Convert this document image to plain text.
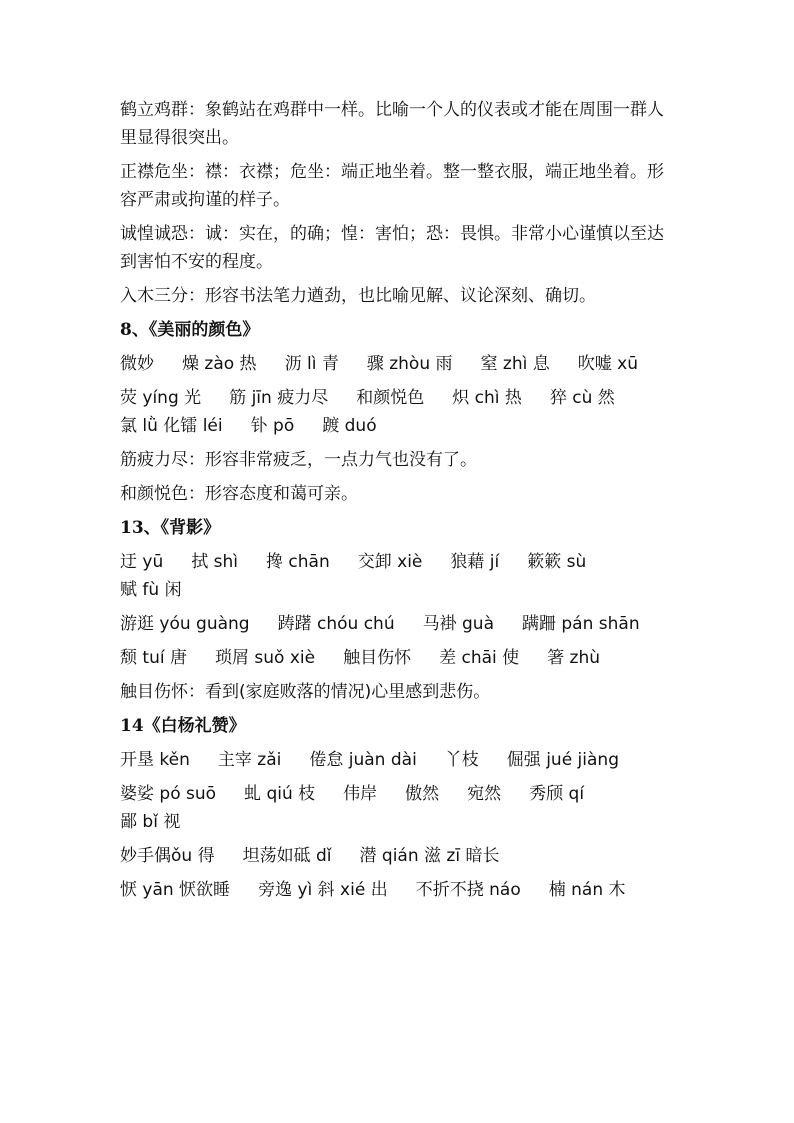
鹤立鸡群：象鹤站在鸡群中一样。比喻一个人的仪表或才能在周围一群人里显得很突出。

正襟危坐：襟：衣襟；危坐：端正地坐着。整一整衣服，端正地坐着。形容严肃或拘谨的样子。

诚惶诚恐：诚：实在，的确；惶：害怕；恐：畏惧。非常小心谨慎以至达到害怕不安的程度。

入木三分：形容书法笔力遒劲，也比喻见解、议论深刻、确切。

8、《美丽的颜色》
微妙 燥 zào 热 沥 lì 青 骤 zhòu 雨 窒 zhì 息 吹嘘 xū
荧 yíng 光 筋 jīn 疲力尽 和颜悦色 炽 chì 热 猝 cù 然
氯 lǜ 化镭 léi 钋 pō 踱 duó

筋疲力尽：形容非常疲乏，一点力气也没有了。

和颜悦色：形容态度和蔼可亲。

13、《背影》
迂 yū 拭 shì 搀 chān 交卸 xiè 狼藉 jí 簌簌 sù
赋 fù 闲
游逛 yóu guàng 踌躇 chóu chú 马褂 guà 蹒跚 pán shān
颓 tuí 唐 琐屑 suǒ xiè 触目伤怀 差 chāi 使 箸 zhù

触目伤怀：看到(家庭败落的情况)心里感到悲伤。

14《白杨礼赞》
开垦 kěn 主宰 zǎi 倦怠 juàn dài 丫枝 倔强 jué jiàng
婆娑 pó suō 虬 qiú 枝 伟岸 傲然 宛然 秀颀 qí
鄙 bǐ 视
妙手偶ǒu 得 坦荡如砥 dǐ 潜 qián 滋 zī 暗长
恹 yān 恹欲睡 旁逸 yì 斜 xié 出 不折不挠 náo 楠 nán 木
